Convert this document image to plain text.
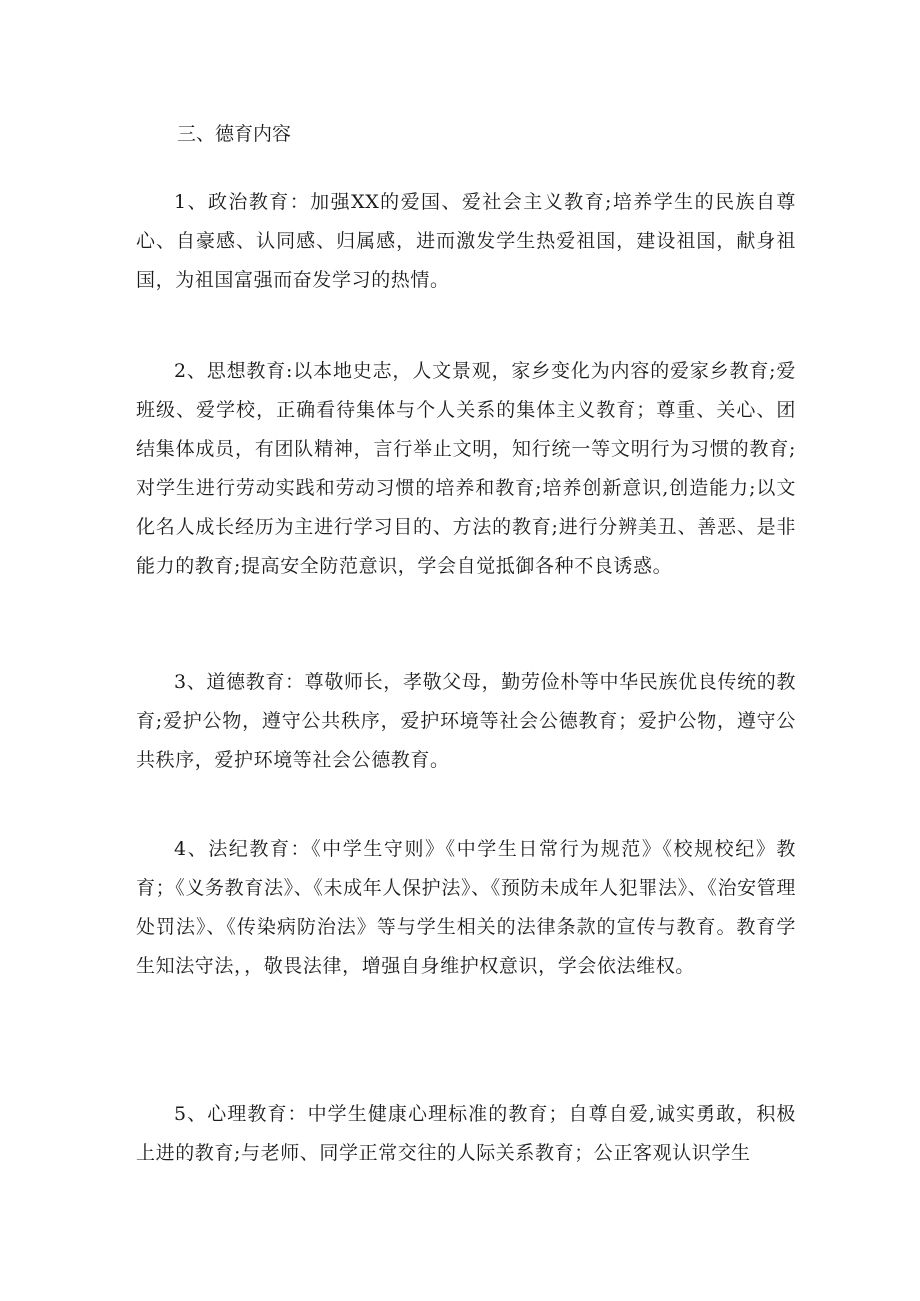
三、德育内容

1、政治教育：加强XX的爱国、爱社会主义教育;培养学生的民族自尊心、自豪感、认同感、归属感，进而激发学生热爱祖国，建设祖国，献身祖国，为祖国富强而奋发学习的热情。

2、思想教育:以本地史志，人文景观，家乡变化为内容的爱家乡教育;爱班级、爱学校，正确看待集体与个人关系的集体主义教育；尊重、关心、团结集体成员，有团队精神，言行举止文明，知行统一等文明行为习惯的教育;对学生进行劳动实践和劳动习惯的培养和教育;培养创新意识,创造能力;以文化名人成长经历为主进行学习目的、方法的教育;进行分辨美丑、善恶、是非能力的教育;提高安全防范意识，学会自觉抵御各种不良诱惑。

3、道德教育：尊敬师长，孝敬父母，勤劳俭朴等中华民族优良传统的教育;爱护公物，遵守公共秩序，爱护环境等社会公德教育；爱护公物，遵守公共秩序，爱护环境等社会公德教育。

4、法纪教育：《中学生守则》《中学生日常行为规范》《校规校纪》教育；《义务教育法》、《未成年人保护法》、《预防未成年人犯罪法》、《治安管理处罚法》、《传染病防治法》等与学生相关的法律条款的宣传与教育。教育学生知法守法，，敬畏法律，增强自身维护权意识，学会依法维权。

5、心理教育：中学生健康心理标准的教育；自尊自爱,诚实勇敢，积极上进的教育;与老师、同学正常交往的人际关系教育；公正客观认识学生
